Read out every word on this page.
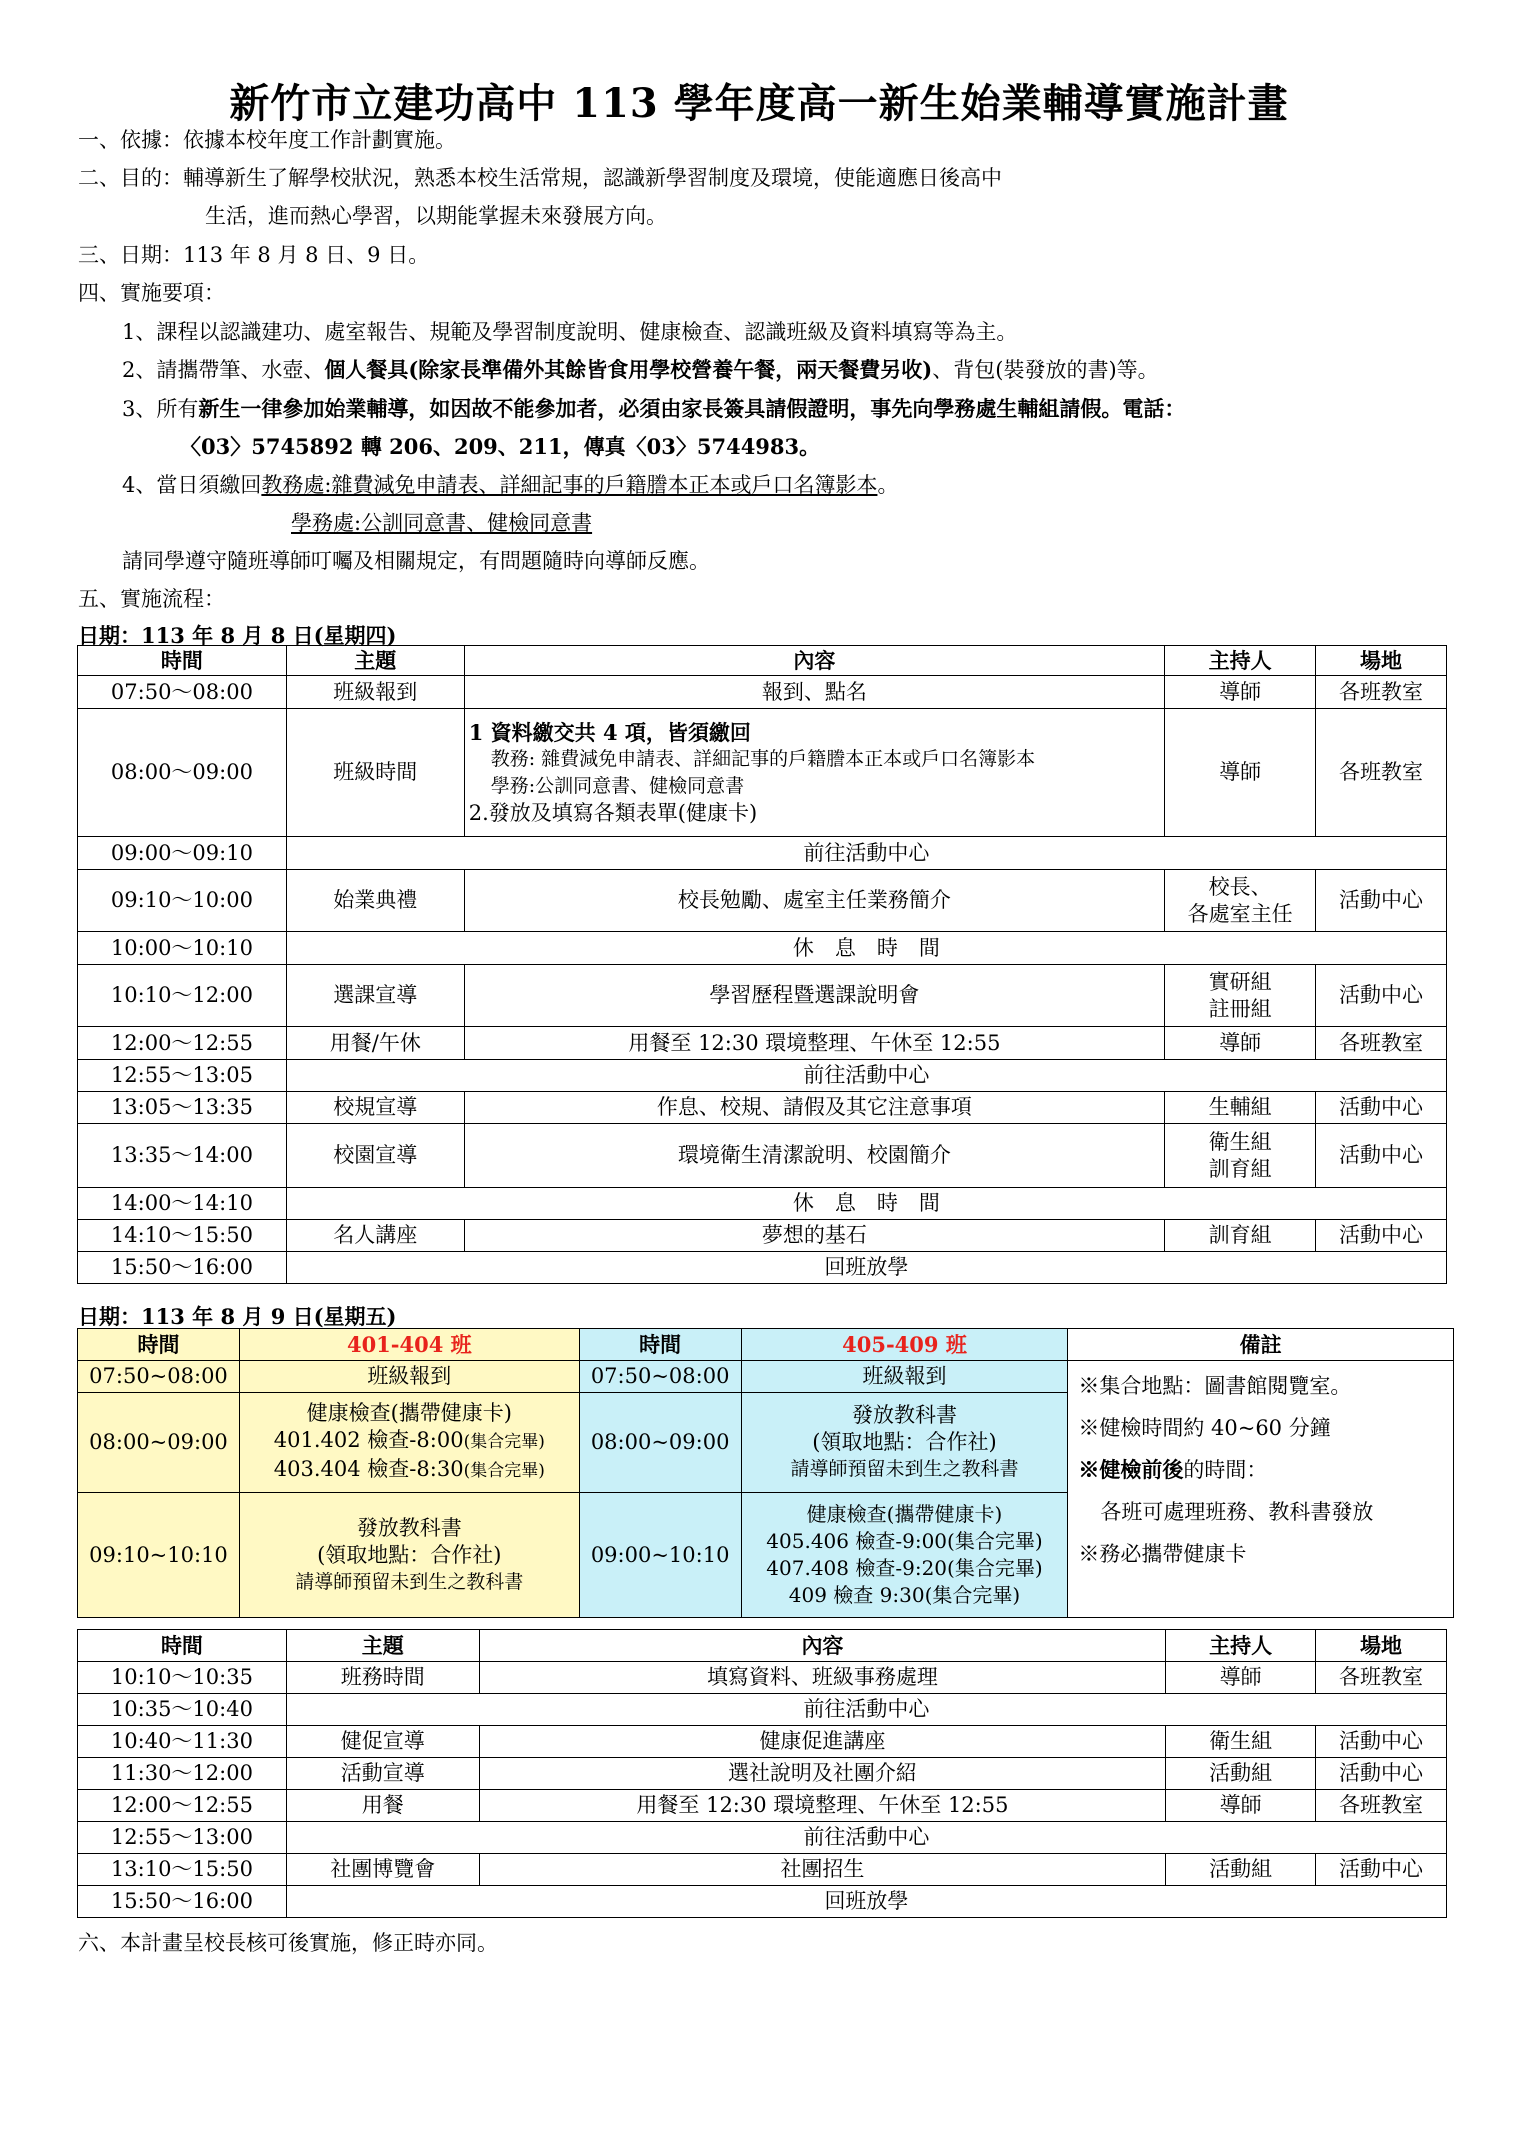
新竹市立建功高中 113 學年度高一新生始業輔導實施計畫
一、依據：依據本校年度工作計劃實施。
二、目的：輔導新生了解學校狀況，熟悉本校生活常規，認識新學習制度及環境，使能適應日後高中
生活，進而熱心學習，以期能掌握未來發展方向。
三、日期：113 年 8 月 8 日、9 日。
四、實施要項：
1、課程以認識建功、處室報告、規範及學習制度說明、健康檢查、認識班級及資料填寫等為主。
2、請攜帶筆、水壺、個人餐具(除家長準備外其餘皆食用學校營養午餐，兩天餐費另收)、背包(裝發放的書)等。
3、所有新生一律參加始業輔導，如因故不能參加者，必須由家長簽具請假證明，事先向學務處生輔組請假。電話：
〈03〉5745892 轉 206、209、211，傳真〈03〉5744983。
4、當日須繳回教務處:雜費減免申請表、詳細記事的戶籍謄本正本或戶口名簿影本。
學務處:公訓同意書、健檢同意書
請同學遵守隨班導師叮囑及相關規定，有問題隨時向導師反應。
五、實施流程：
日期：113 年 8 月 8 日(星期四)
時間	主題	內容	主持人	場地
07:50～08:00	班級報到	報到、點名	導師	各班教室
08:00～09:00	班級時間	1 資料繳交共 4 項，皆須繳回
教務: 雜費減免申請表、詳細記事的戶籍謄本正本或戶口名簿影本
學務:公訓同意書、健檢同意書
2.發放及填寫各類表單(健康卡)	導師	各班教室
09:00～09:10	前往活動中心			
09:10～10:00	始業典禮	校長勉勵、處室主任業務簡介	校長、
各處室主任	活動中心
10:00～10:10	休　息　時　間			
10:10～12:00	選課宣導	學習歷程暨選課說明會	實研組
註冊組	活動中心
12:00～12:55	用餐/午休	用餐至 12:30 環境整理、午休至 12:55	導師	各班教室
12:55～13:05	前往活動中心			
13:05～13:35	校規宣導	作息、校規、請假及其它注意事項	生輔組	活動中心
13:35～14:00	校園宣導	環境衛生清潔說明、校園簡介	衛生組
訓育組	活動中心
14:00～14:10	休　息　時　間			
14:10～15:50	名人講座	夢想的基石	訓育組	活動中心
15:50～16:00	回班放學			
日期：113 年 8 月 9 日(星期五)
時間	401-404 班	時間	405-409 班	備註
07:50~08:00	班級報到	07:50~08:00	班級報到	※集合地點：圖書館閱覽室。
※健檢時間約 40~60 分鐘
※健檢前後的時間：
各班可處理班務、教科書發放
※務必攜帶健康卡

08:00~09:00	健康檢查(攜帶健康卡)
401.402 檢查-8:00(集合完畢)
403.404 檢查-8:30(集合完畢)	08:00~09:00	發放教科書
(領取地點：合作社)
請導師預留未到生之教科書	

09:10~10:10	發放教科書
(領取地點：合作社)
請導師預留未到生之教科書	09:00~10:10	健康檢查(攜帶健康卡)
405.406 檢查-9:00(集合完畢)
407.408 檢查-9:20(集合完畢)
409 檢查 9:30(集合完畢)	
時間	主題	內容	主持人	場地
10:10～10:35	班務時間	填寫資料、班級事務處理	導師	各班教室
10:35～10:40	前往活動中心			
10:40～11:30	健促宣導	健康促進講座	衛生組	活動中心
11:30～12:00	活動宣導	選社說明及社團介紹	活動組	活動中心
12:00～12:55	用餐	用餐至 12:30 環境整理、午休至 12:55	導師	各班教室
12:55～13:00	前往活動中心			
13:10～15:50	社團博覽會	社團招生	活動組	活動中心
15:50～16:00	回班放學			
六、本計畫呈校長核可後實施，修正時亦同。
